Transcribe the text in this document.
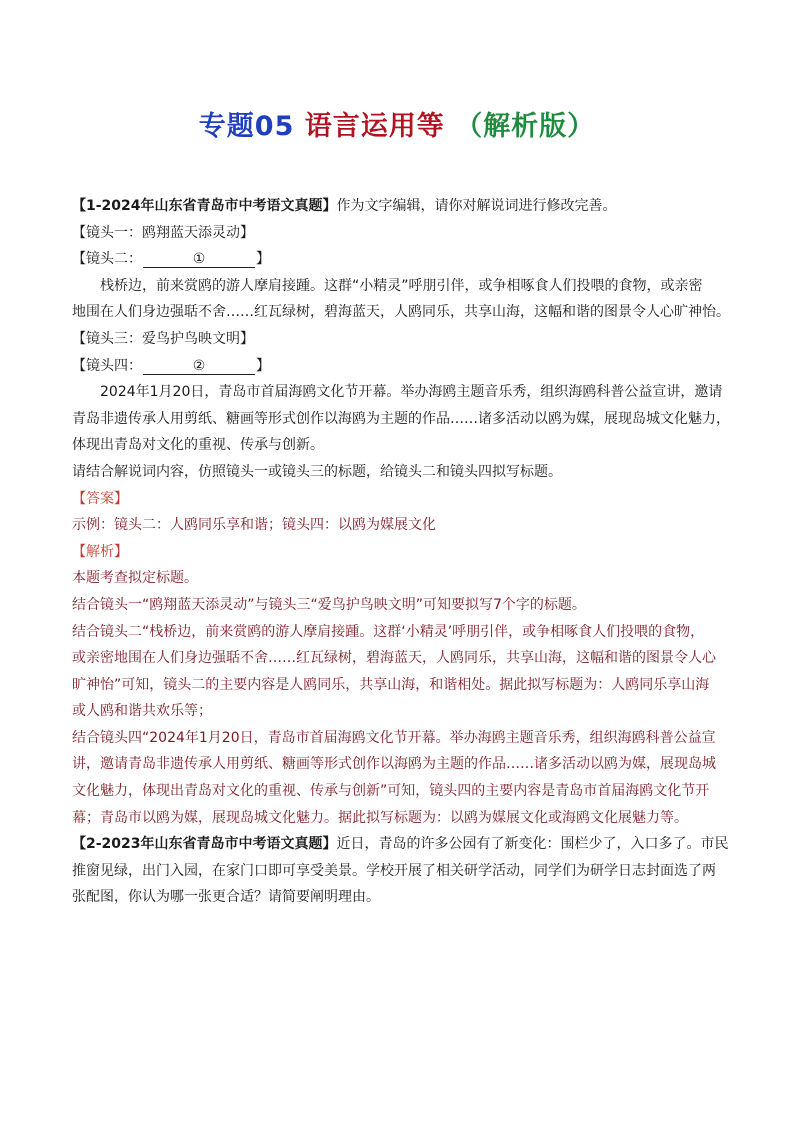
专题05 语言运用等 （解析版）
【1-2024年山东省青岛市中考语文真题】作为文字编辑，请你对解说词进行修改完善。
【镜头一：鸥翔蓝天添灵动】
【镜头二：	①	】
栈桥边，前来赏鸥的游人摩肩接踵。这群“小精灵”呼朋引伴，或争相啄食人们投喂的食物，或亲密
地围在人们身边强聒不舍……红瓦绿树，碧海蓝天，人鸥同乐，共享山海，这幅和谐的图景令人心旷神怡。
【镜头三：爱鸟护鸟映文明】
【镜头四：	②	】
2024年1月20日，青岛市首届海鸥文化节开幕。举办海鸥主题音乐秀，组织海鸥科普公益宣讲，邀请
青岛非遗传承人用剪纸、糖画等形式创作以海鸥为主题的作品……诸多活动以鸥为媒，展现岛城文化魅力，
体现出青岛对文化的重视、传承与创新。
请结合解说词内容，仿照镜头一或镜头三的标题，给镜头二和镜头四拟写标题。
【答案】
示例：镜头二：人鸥同乐享和谐；镜头四：以鸥为媒展文化
【解析】
本题考查拟定标题。
结合镜头一“鸥翔蓝天添灵动”与镜头三“爱鸟护鸟映文明”可知要拟写7个字的标题。
结合镜头二“栈桥边，前来赏鸥的游人摩肩接踵。这群‘小精灵’呼朋引伴，或争相啄食人们投喂的食物，
或亲密地围在人们身边强聒不舍……红瓦绿树，碧海蓝天，人鸥同乐，共享山海，这幅和谐的图景令人心
旷神怡”可知，镜头二的主要内容是人鸥同乐，共享山海，和谐相处。据此拟写标题为：人鸥同乐享山海
或人鸥和谐共欢乐等；
结合镜头四“2024年1月20日，青岛市首届海鸥文化节开幕。举办海鸥主题音乐秀，组织海鸥科普公益宣
讲，邀请青岛非遗传承人用剪纸、糖画等形式创作以海鸥为主题的作品……诸多活动以鸥为媒，展现岛城
文化魅力，体现出青岛对文化的重视、传承与创新”可知，镜头四的主要内容是青岛市首届海鸥文化节开
幕；青岛市以鸥为媒，展现岛城文化魅力。据此拟写标题为：以鸥为媒展文化或海鸥文化展魅力等。
【2-2023年山东省青岛市中考语文真题】近日，青岛的许多公园有了新变化：围栏少了，入口多了。市民
推窗见绿，出门入园，在家门口即可享受美景。学校开展了相关研学活动，同学们为研学日志封面选了两
张配图，你认为哪一张更合适？请简要阐明理由。
